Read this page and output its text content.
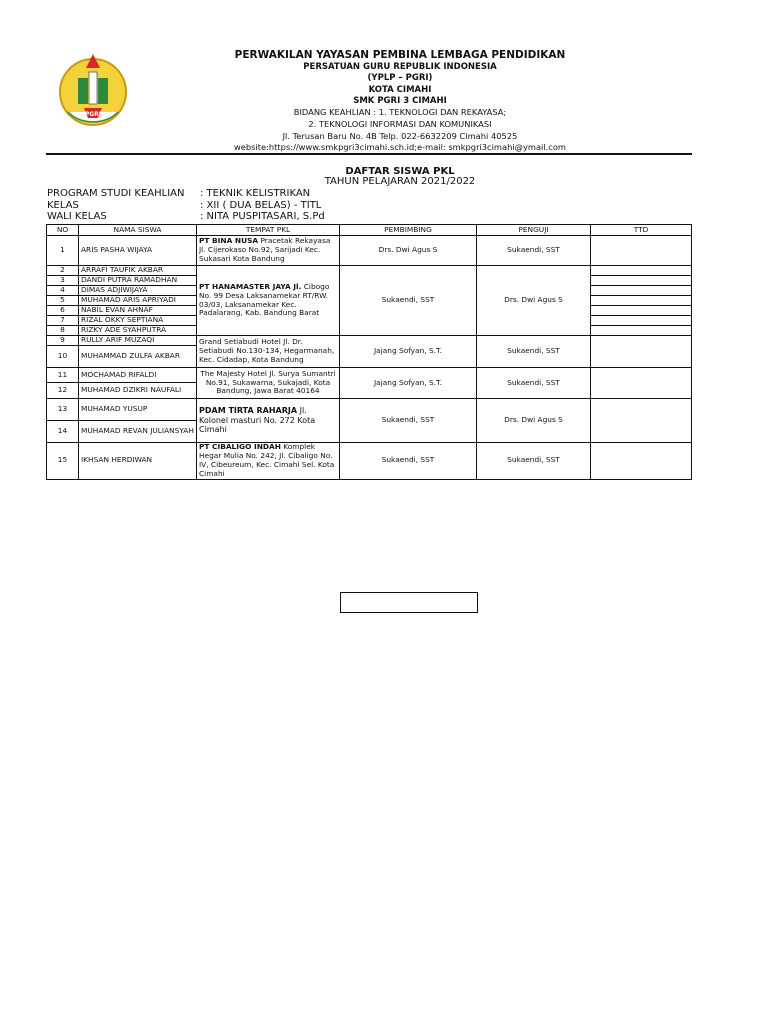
PGRI
PERWAKILAN YAYASAN PEMBINA LEMBAGA PENDIDIKAN
PERSATUAN GURU REPUBLIK INDONESIA
(YPLP – PGRI)
KOTA CIMAHI
SMK PGRI 3 CIMAHI
BIDANG KEAHLIAN : 1. TEKNOLOGI DAN REKAYASA;
2. TEKNOLOGI INFORMASI DAN KOMUNIKASI
Jl. Terusan Baru No. 4B Telp. 022-6632209 Cimahi 40525
website:https://www.smkpgri3cimahi.sch.id;e-mail: smkpgri3cimahi@ymail.com
DAFTAR SISWA PKL
TAHUN PELAJARAN 2021/2022
PROGRAM STUDI KEAHLIAN : TEKNIK KELISTRIKAN
KELAS	: XII ( DUA BELAS) - TITL
WALI KELAS	: NITA PUSPITASARI, S.Pd
NO	NAMA SISWA	TEMPAT PKL	PEMBIMBING	PENGUJI	TTD
1	ARIS PASHA WIJAYA	PT BINA NUSA Pracetak Rekayasa Jl. Cijerokaso No.92, Sarijadi Kec. Sukasari Kota Bandung	Drs. Dwi Agus S	Sukaendi, SST	
2	ARRAFI TAUFIK AKBAR	PT HANAMASTER JAYA Jl. Cibogo No. 99 Desa Laksanamekar RT/RW. 03/03, Laksanamekar Kec. Padalarang, Kab. Bandung Barat	Sukaendi, SST	Drs. Dwi Agus S	
3	DANDI PUTRA RAMADHAN				
4	DIMAS ADJIWIJAYA				
5	MUHAMAD ARIS APRIYADI				
6	NABIL EVAN AHNAF				
7	RIZAL OKKY SEPTIANA				
8	RIZKY ADE SYAHPUTRA				
9	RULLY ARIF MUZAQI	Grand Setiabudi Hotel Jl. Dr. Setiabudi No.130-134, Hegarmanah, Kec. Cidadap, Kota Bandung	Jajang Sofyan, S.T.	Sukaendi, SST	
10	MUHAMMAD ZULFA AKBAR				
11	MOCHAMAD RIFALDI	The Majesty Hotel Jl. Surya Sumantri No.91, Sukawarna, Sukajadi, Kota Bandung, Jawa Barat 40164	Jajang Sofyan, S.T.	Sukaendi, SST	
12	MUHAMAD DZIKRI NAUFALI				
13	MUHAMAD YUSUP	PDAM TIRTA RAHARJA Jl. Kolonel masturi No. 272 Kota Cimahi	Sukaendi, SST	Drs. Dwi Agus S	
14	MUHAMAD REVAN JULIANSYAH				
15	IKHSAN HERDIWAN	PT CIBALIGO INDAH Komplek Hegar Mulia No. 242, Jl. Cibaligo No. IV, Cibeureum, Kec. Cimahi Sel. Kota Cimahi	Sukaendi, SST	Sukaendi, SST	
